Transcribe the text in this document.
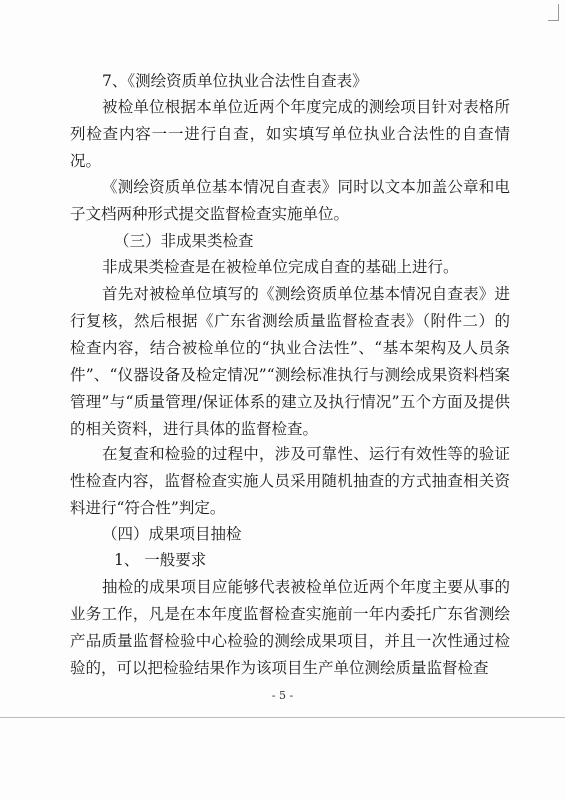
7、《测绘资质单位执业合法性自查表》
被检单位根据本单位近两个年度完成的测绘项目针对表格所列检查内容一一进行自查，如实填写单位执业合法性的自查情况。
《测绘资质单位基本情况自查表》同时以文本加盖公章和电子文档两种形式提交监督检查实施单位。
（三）非成果类检查
非成果类检查是在被检单位完成自查的基础上进行。
首先对被检单位填写的《测绘资质单位基本情况自查表》进行复核，然后根据《广东省测绘质量监督检查表》（附件二）的检查内容，结合被检单位的“执业合法性”、“基本架构及人员条件”、“仪器设备及检定情况”“测绘标准执行与测绘成果资料档案管理”与“质量管理/保证体系的建立及执行情况”五个方面及提供的相关资料，进行具体的监督检查。
在复查和检验的过程中，涉及可靠性、运行有效性等的验证性检查内容，监督检查实施人员采用随机抽查的方式抽查相关资料进行“符合性”判定。
（四）成果项目抽检
1、 一般要求
抽检的成果项目应能够代表被检单位近两个年度主要从事的业务工作，凡是在本年度监督检查实施前一年内委托广东省测绘产品质量监督检验中心检验的测绘成果项目，并且一次性通过检验的，可以把检验结果作为该项目生产单位测绘质量监督检查
- 5 -
